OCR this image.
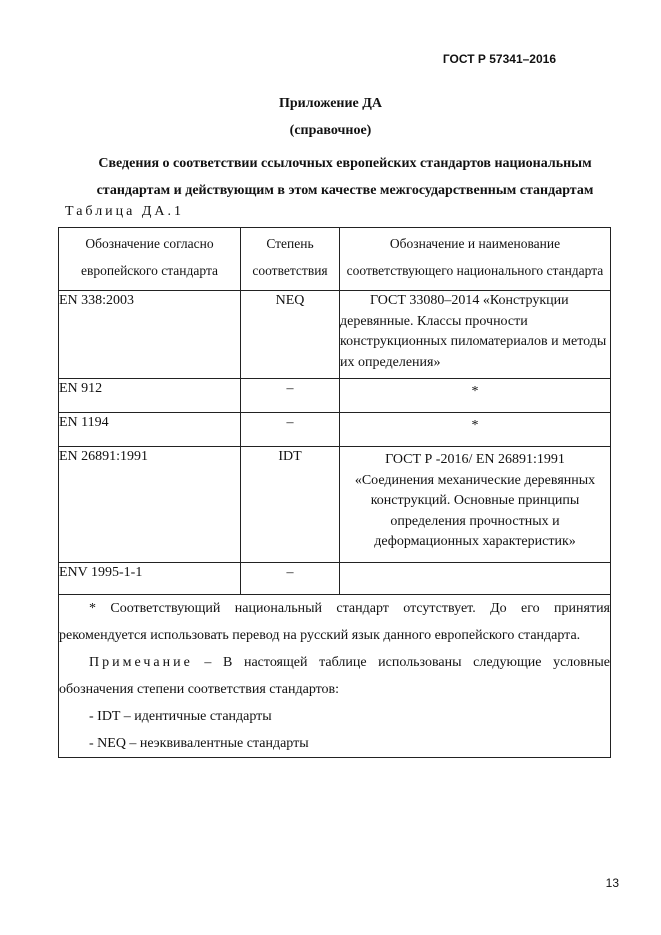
ГОСТ Р 57341–2016
Приложение ДА
(справочное)
Сведения о соответствии ссылочных европейских стандартов национальным стандартам и действующим в этом качестве межгосударственным стандартам
Таблица ДА.1
Обозначение согласно европейского стандарта	Степень соответствия	Обозначение и наименование соответствующего национального стандарта
EN 338:2003	NEQ	ГОСТ 33080–2014 «Конструкции деревянные. Классы прочности конструкционных пиломатериалов и методы их определения»
EN 912	–	*
EN 1194	–	*
EN 26891:1991	IDT	ГОСТ Р -2016/ EN 26891:1991 «Соединения механические деревянных конструкций. Основные принципы определения прочностных и деформационных характеристик»
ENV 1995-1-1	–	

* Соответствующий национальный стандарт отсутствует. До его принятия рекомендуется использовать перевод на русский язык данного европейского стандарта.

Примечание – В настоящей таблице использованы следующие условные обозначения степени соответствия стандартов:

- IDT – идентичные стандарты

- NEQ – неэквивалентные стандарты		

13
